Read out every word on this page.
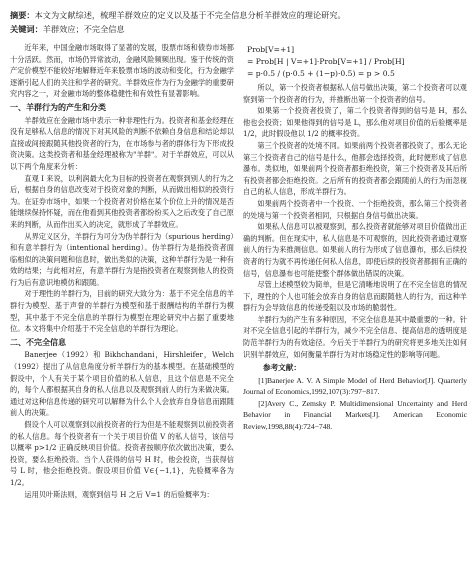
摘要：本文为文献综述，梳理羊群效应的定义以及基于不完全信息分析羊群效应的理论研究。
关键词：羊群效应；不完全信息

近年来，中国金融市场取得了显著的发展，股票市场和债券市场都十分活跃。然而，市场仍异常波动，金融风险频频出现。鉴于传统的资产定价模型不能较好地解释近年来股票市场的波动和变化，行为金融学逐渐引起人们的关注和学者的研究。羊群效应作为行为金融学的重要研究内容之一，对金融市场的整体稳健性和有效性有显著影响。

一、羊群行为的产生和分类

羊群效应在金融市场中表示一种非理性行为。投资者和基金经理在没有足够私人信息的情况下对其风险的判断不依赖自身信息和结论却以直接或间接跟随其他投资者的行为，在市场参与者的群体行为下形成投资决策。这类投资者和基金经理被称为"羊群"。对于羊群效应，可以从以下两个角度来分析：

直观 I 来说，以利润最大化为目标的投资者在观察到别人的行为之后，根据自身的信息改变对于投资对象的判断，从而做出相似的投资行为。在证券市场中，如果一个投资者对价格在某个价位上升的情况是否能继续保持怀疑，而在他看到其他投资者都纷纷买入之后改变了自己原来的判断，从而作出买入的决定，就形成了羊群效应。

从界定义区分，羊群行为可分为伪羊群行为（spurious herding）和有意羊群行为（intentional herding）。伪羊群行为是指投资者面临相似的决策问题和信息时，做出类似的决策，这种羊群行为是一种有效的结果；与此相对应，有意羊群行为是指投资者在观察到他人的投资行为后有意识地模仿和跟随。

对于理性的羊群行为，目前的研究大致分为：基于不完全信息的羊群行为模型、基于声誉的羊群行为模型和基于报酬结构的羊群行为模型，其中基于不完全信息的羊群行为模型在理论研究中占据了重要地位。本文将集中介绍基于不完全信息的羊群行为理论。

二、不完全信息

Banerjee（1992）和 Bikhchandani，Hirshleifer，Welch（1992）提出了从信息角度分析羊群行为的基本模型。在基础模型的假设中，个人有关于某个项目价值的私人信息，且这个信息是不完全的，每个人都根据其自身的私人信息以及观察到前人的行为来做决策。通过对这种信息传递的研究可以解释为什么个人会放弃自身信息而跟随前人的决策。

假设个人可以观察到以前投资者的行为但是不能观察到以前投资者的私人信息。每个投资者有一个关于项目价值 V 的私人信号，该信号以概率 p>1/2 正确反映项目价值。投资者按顺序依次做出决策，要么投资，要么拒绝投资。当个人获得的信号 H 时，他会投资，当获得信号 L 时，他会拒绝投资。假设项目价值 V∈{−1,1}，先验概率各为 1/2。

运用贝叶斯法则，观察到信号 H 之后 V=1 的后验概率为：

Prob[V=+1]
= Prob[H | V=+1]·Prob[V=+1] / Prob[H]
= p·0.5 / (p·0.5 + (1−p)·0.5) = p > 0.5

所以，第一个投资者根据私人信号做出决策，第二个投资者可以观察到第一个投资者的行为，并推断出第一个投资者的信号。

如果第一个投资者投资了，第二个投资者得到的信号是 H，那么他也会投资；如果他得到的信号是 L，那么他对项目价值的后验概率是 1/2，此时假设他以 1/2 的概率投资。

第三个投资者的处境不同。如果前两个投资者都投资了，那么无论第三个投资者自己的信号是什么，他都会选择投资，此时便形成了信息瀑布。类似地，如果前两个投资者都拒绝投资，第三个投资者及其后所有投资者都会拒绝投资。之后所有的投资者都会跟随前人的行为而忽视自己的私人信息，形成羊群行为。

如果前两个投资者中一个投资、一个拒绝投资，那么第三个投资者的处境与第一个投资者相同，只根据自身信号做出决策。

如果私人信息可以被观察到，那么投资者就能够对项目价值做出正确的判断。但在现实中，私人信息是不可观察的，因此投资者通过观察前人的行为来推测信息。如果前人的行为形成了信息瀑布，那么后续投资者的行为就不再传递任何私人信息，即使后续的投资者都拥有正确的信号，信息瀑布也可能使整个群体做出错误的决策。

尽管上述模型较为简单，但是它清晰地说明了在不完全信息的情况下，理性的个人也可能会放弃自身的信息而跟随他人的行为，而这种羊群行为会导致信息的传递受阻以及市场的脆弱性。

羊群行为的产生有多种原因，不完全信息是其中最重要的一种。针对不完全信息引起的羊群行为，减少不完全信息、提高信息的透明度是防范羊群行为的有效途径。今后关于羊群行为的研究将更多地关注如何识别羊群效应，如何衡量羊群行为对市场稳定性的影响等问题。

参考文献：

[1]Banerjee A. V. A Simple Model of Herd Behavior[J]. Quarterly Journal of Economics,1992,107(3):797−817.

[2]Avery C., Zemsky P. Multidimensional Uncertainty and Herd Behavior in Financial Markets[J]. American Economic Review,1998,88(4):724−748.
